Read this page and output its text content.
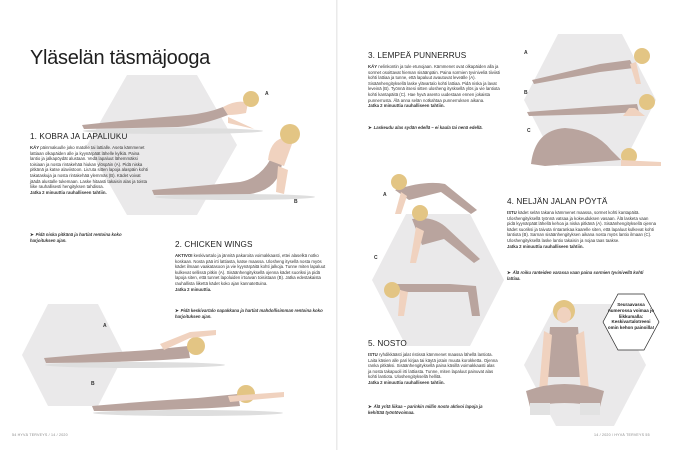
Yläselän täsmäjooga
1. KOBRA JA LAPALIUKU
KÄY päinmakuulle joko matolle tai lattialle. Aseta kämmenet lattiaan olkapäiden alle ja kyynärpäät lähelle kylkiä. Paina lantio ja jalkapöydät alustaan. Vedä lapaluut lähemmäksi toisiaan ja nosta rintakehää hiukan ylöspäin (A). Pidä niska pitkänä ja katse alaviistoon. Liu'uta sitten lapoja alaspäin kohti takataskuja ja nosta rintakehää ylemmäs (B). Kädet voivat jäädä alustalle tukemaan. Laske hitaasti takaisin alas ja toista liike rauhallisesti hengityksen tahdissa.
Jatka 2 minuuttia rauhalliseen tahtiin.
➤ Pidä niska pitkänä ja hartiat rentoina koko harjoituksen ajan.
A
B
2. CHICKEN WINGS
AKTIVOI keskivartalo ja jännitä pakaroita voimakkaasti, ettei alaselkä notko koskaan. Nosta pää irti lattiasta, katse maassa. Ulosheng itysellä nosta myös kädet ilmaan vaakatasoon ja vie kyynärpäitä kohti jalkoja. Tunne miten lapaluut kulkevat sellissä pitkin (A). Sisäänhengityksellä ojenna kädet suoriksi ja pidä lapoja siten, että tunnet lapoluiden irtoavan toisistaan (B). Jatka edestakaista rauhallista liikettä kädet koko ajan kannatettuina.
Jatka 2 minuuttia.
➤ Pidä keskivartalo napakkana ja hartiat mahdollisimman rentoina koko harjoituksen ajan.
A
B
3. LEMPEÄ PUNNERRUS
KÄY nelinkontin ja tule etunojaan. Kämmenet ovat olkapäiden alla ja sormet osoittavat hieman sisäänpäin. Paina sormien tyviniveliä tiiviisti kohti lattiaa ja tunne, että lapaluut avautuvat leveälle (A). Sisäänhengityksellä laske ylävartalo kohti lattiaa. Pidä niska ja lavat leveinä (B). Työnnä itsesi sitten ulosheng itysksellä ylös ja vie lantiota kohti kantapäitä (C). Hae hyvä asento uudestaan ennen jokaista punnerrusta. Älä anna selän notkahtaa punnerruksen aikana.
Jatka 2 minuuttia rauhalliseen tahtiin.
➤ Laskeudu alas sydän edellä – ei kaula tai nenä edellä.
A
B
C
4. NELJÄN JALAN PÖYTÄ
ISTU kädet selän takana kämmenet maassa, sormet kohti kantapäitä. Uloshengityksellä työnnä vatsaa ja kokeuduksen vasaan. Älä lasketa vaan pidä kyynärpäät lähellä kehoa ja niska pitkänä (A). Sisäänhengityksellä ojenna kädet suoriksi ja taivuta rintarankaa kaarelle siten, että lapaluut kulkevat kohti lantiota (B). Sarnan sisäänhengityksen aikana nosta myös lantio ilmaan (C). Uloshengityksellä laske lantio takaisin ja nojaa taas taakse.
Jatka 2 minuuttia rauhalliseen tahtiin.
➤ Älä roiku ranteiden varassa vaan paina sormien tyvinivellä kohti lattiaa.
A
C
5. NOSTO
ISTU ryhdikkäästi jalat ristissä kämmenet maassa lähellä lantiota. Laita käsien alle pari kirjaa tai käytä jotain muuta korokketta. Ojenna ranka pitkäksi. Sisäänhengityksellä paina käsillä voimakkaasti alas ja nosta takapuoli irti lattiasta. Tunne, miten lapaluut painuvat alas kohti lantiota. Uloshengityksellä hellitä.
Jatka 2 minuuttia rauhalliseen tahtiin.
➤ Älä yritä liikaa – parinkin millin nosto aktivoi lapoja ja kehittää työntövoimaa.
Seuraavassa numerossa voimaa jo liikkumalla: Keskivartalotreeni omin kehon painoilla!
54 HYVÄ TERVEYS / 14 / 2020	14 / 2020 / HYVÄ TERVEYS 55
